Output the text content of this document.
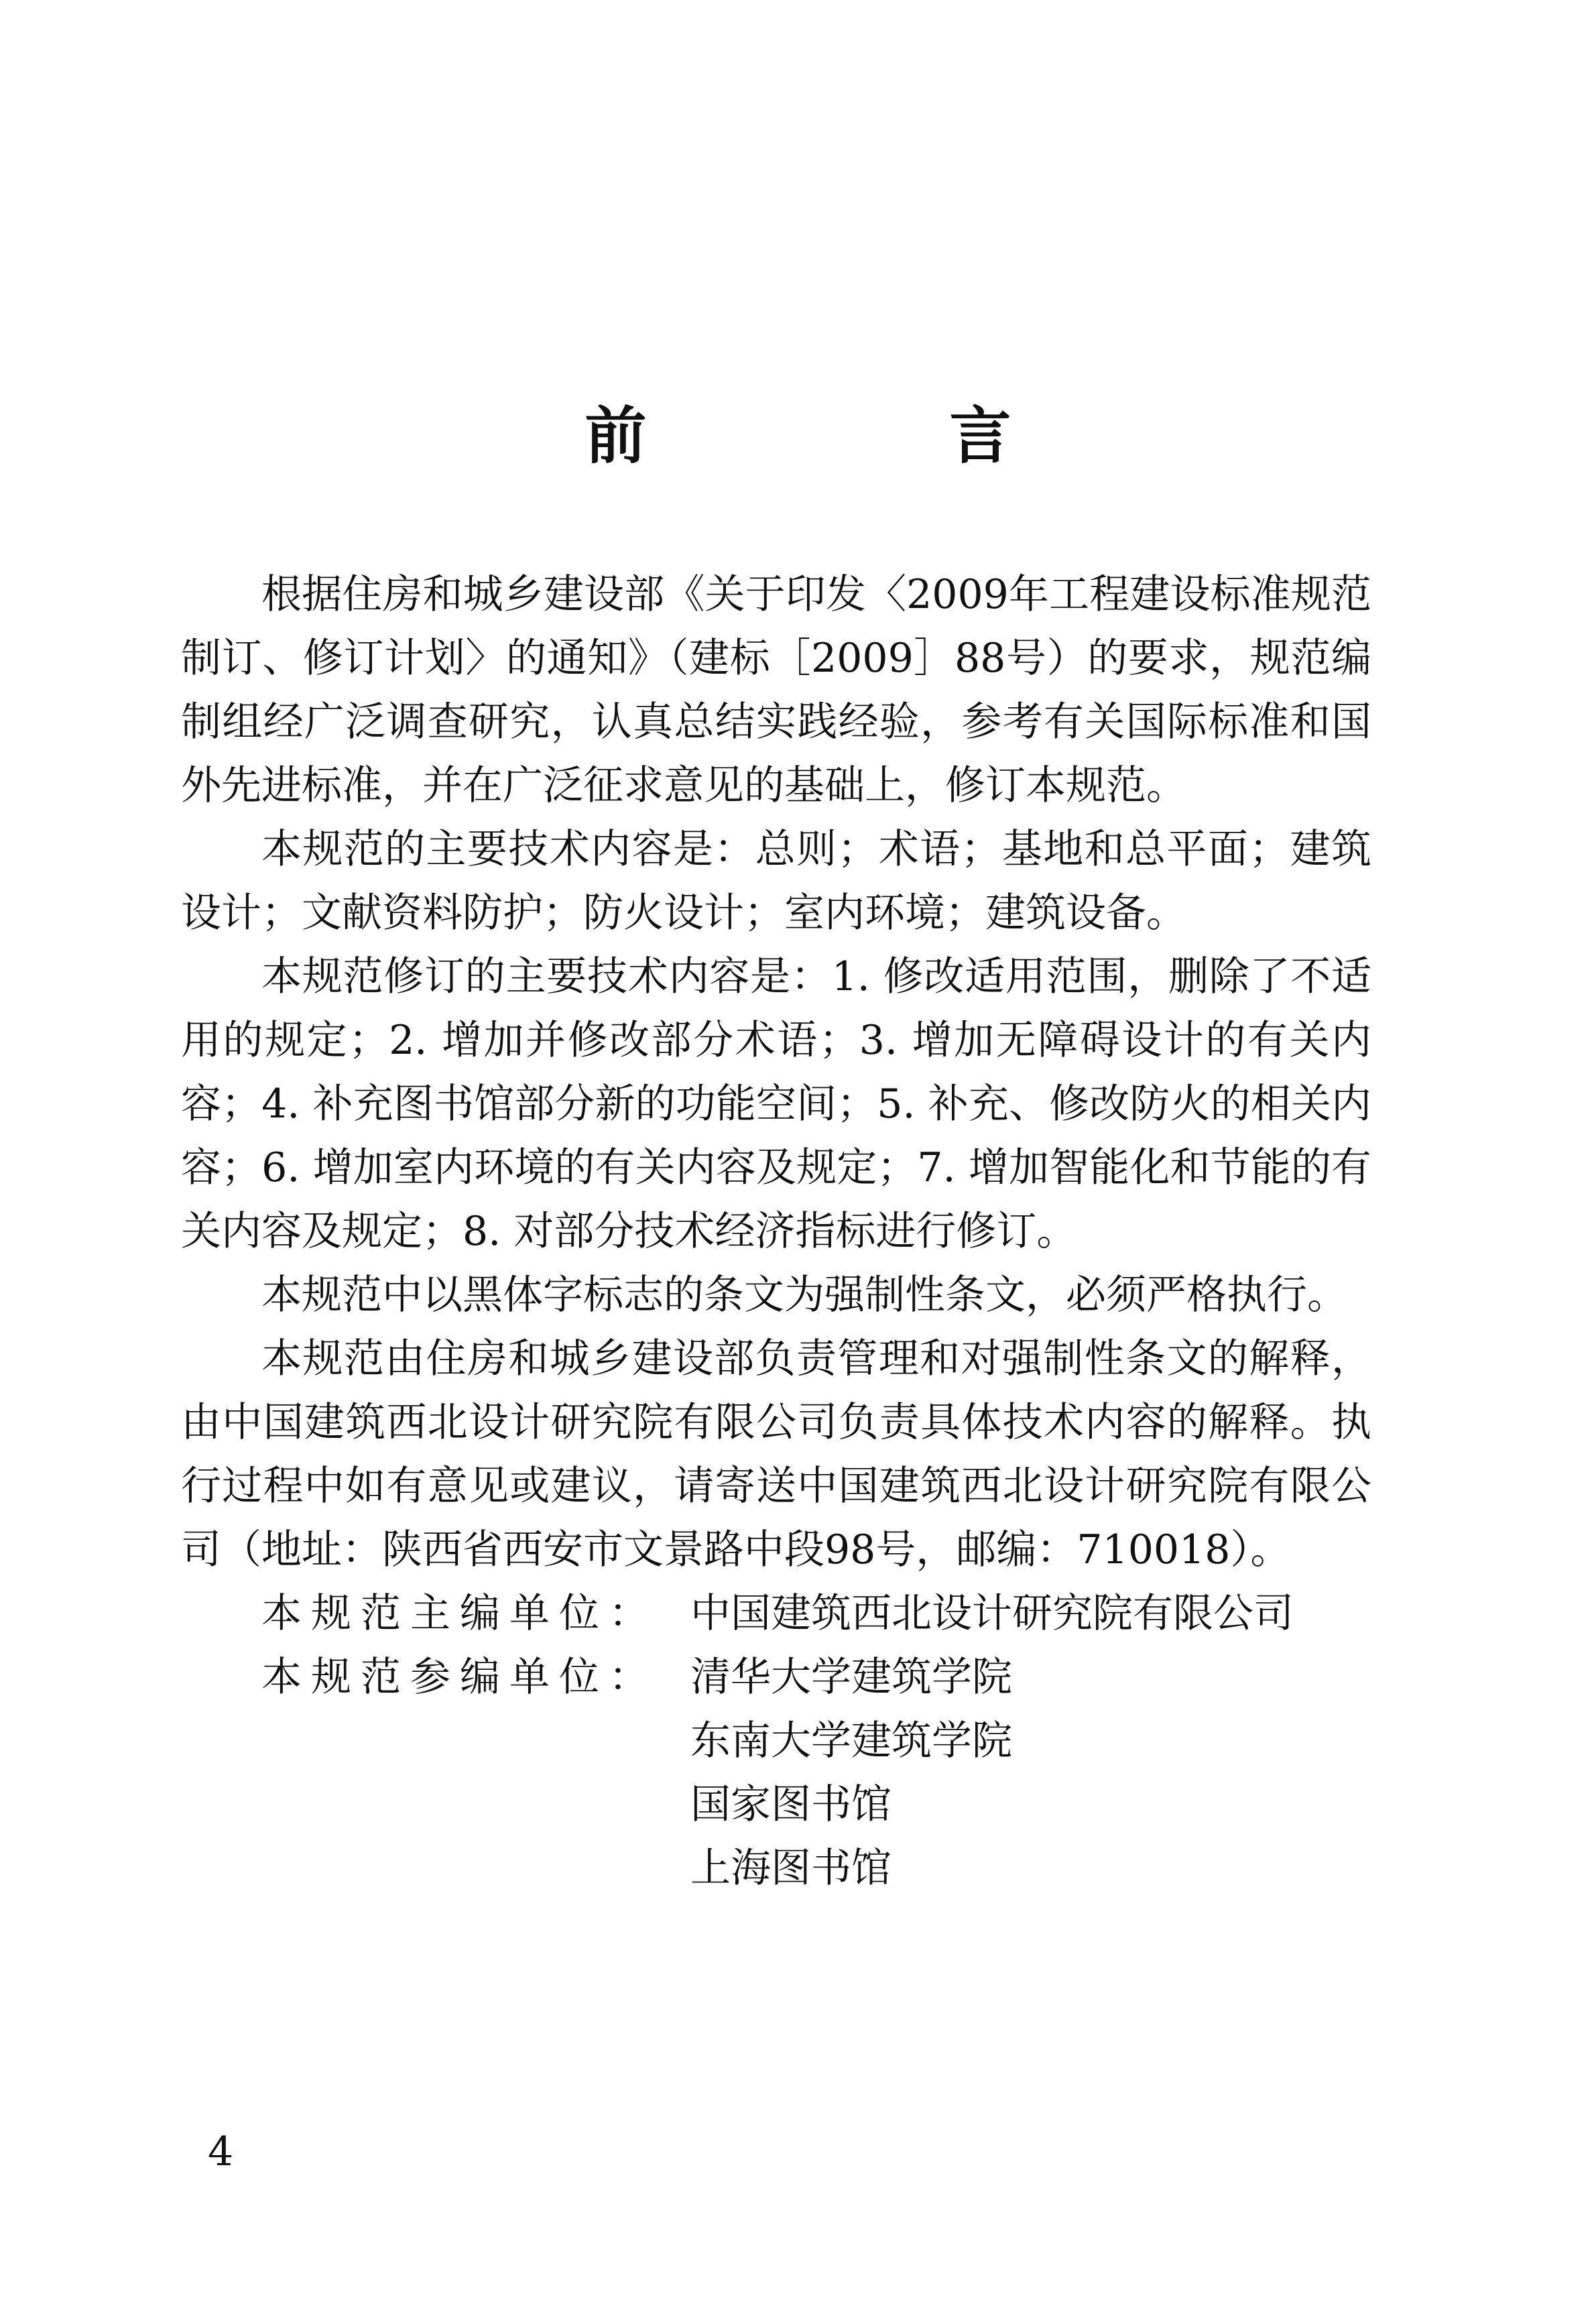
前 言

根据住房和城乡建设部《关于印发〈2009年工程建设标准规范制订、修订计划〉的通知》（建标［2009］88号）的要求，规范编制组经广泛调查研究，认真总结实践经验，参考有关国际标准和国外先进标准，并在广泛征求意见的基础上，修订本规范。

本规范的主要技术内容是：总则；术语；基地和总平面；建筑设计；文献资料防护；防火设计；室内环境；建筑设备。

本规范修订的主要技术内容是：1. 修改适用范围，删除了不适用的规定；2. 增加并修改部分术语；3. 增加无障碍设计的有关内容；4. 补充图书馆部分新的功能空间；5. 补充、修改防火的相关内容；6. 增加室内环境的有关内容及规定；7. 增加智能化和节能的有关内容及规定；8. 对部分技术经济指标进行修订。

本规范中以黑体字标志的条文为强制性条文，必须严格执行。

本规范由住房和城乡建设部负责管理和对强制性条文的解释，由中国建筑西北设计研究院有限公司负责具体技术内容的解释。执行过程中如有意见或建议，请寄送中国建筑西北设计研究院有限公司（地址：陕西省西安市文景路中段98号，邮编：710018）。

本规范主编单位： 中国建筑西北设计研究院有限公司
本规范参编单位： 清华大学建筑学院
东南大学建筑学院
国家图书馆
上海图书馆
4
